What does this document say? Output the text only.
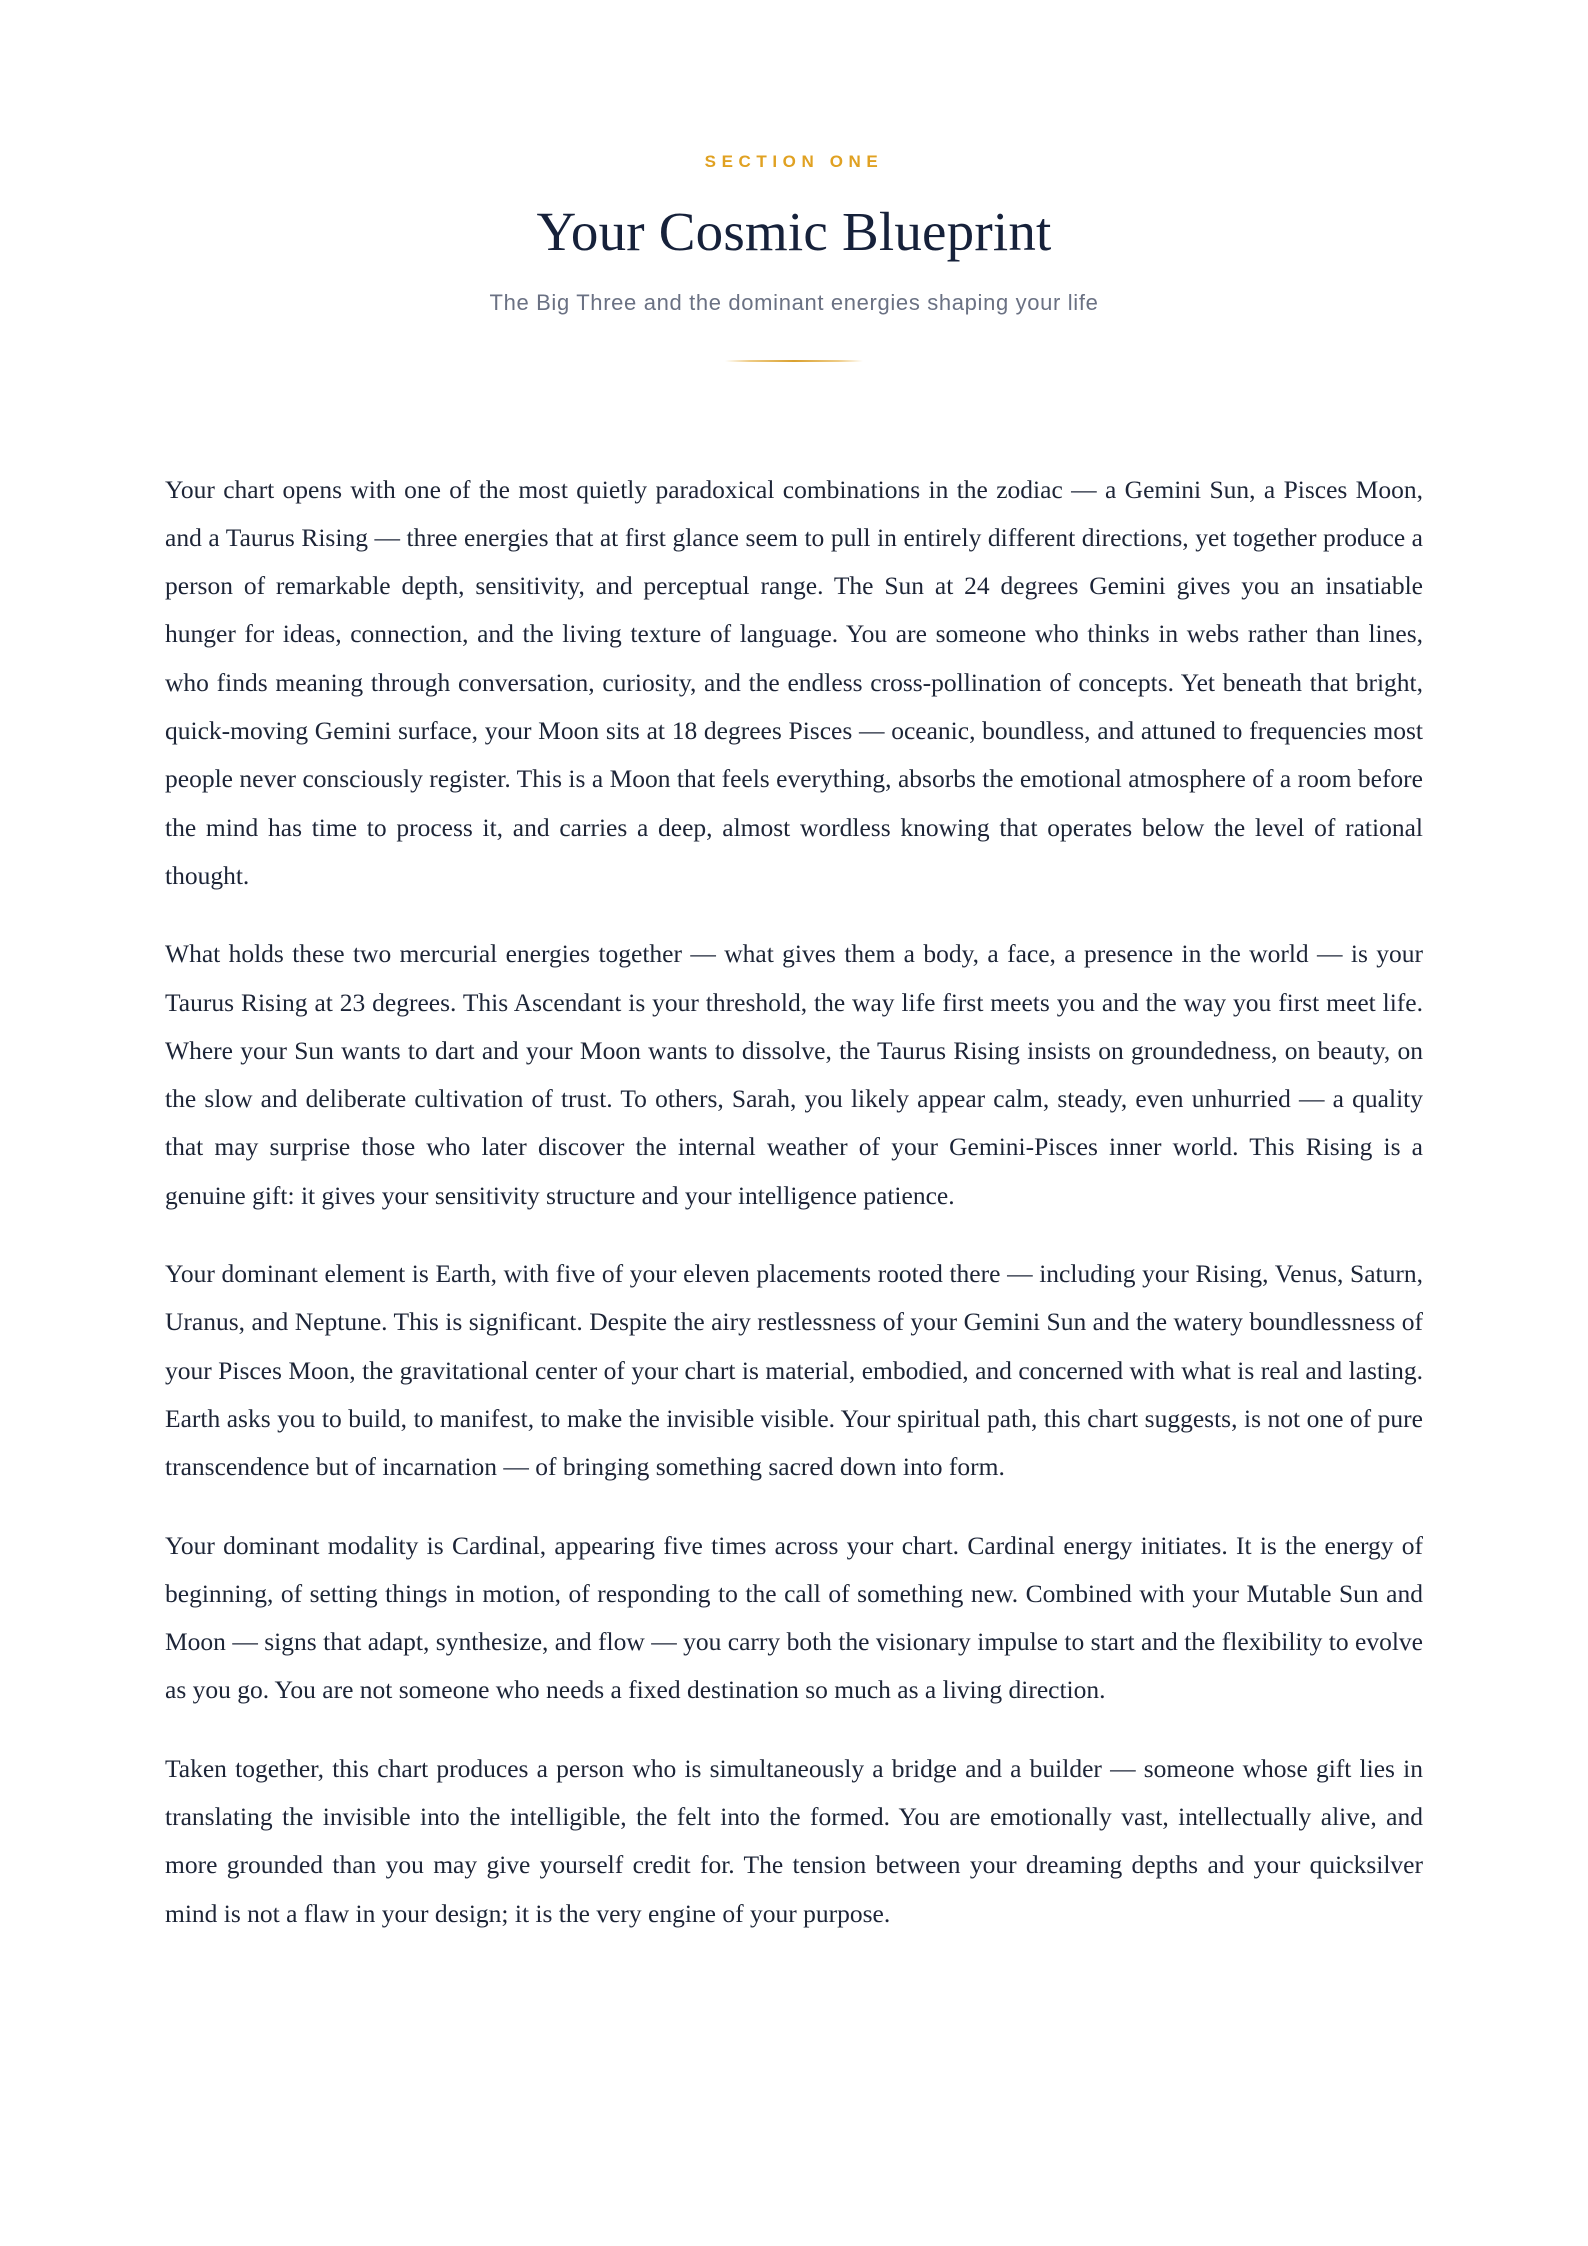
SECTION ONE
Your Cosmic Blueprint

The Big Three and the dominant energies shaping your life

Your chart opens with one of the most quietly paradoxical combinations in the zodiac — a Gemini Sun, a Pisces Moon, and a Taurus Rising — three energies that at first glance seem to pull in entirely different directions, yet together produce a person of remarkable depth, sensitivity, and perceptual range. The Sun at 24 degrees Gemini gives you an insatiable hunger for ideas, connection, and the living texture of language. You are someone who thinks in webs rather than lines, who finds meaning through conversation, curiosity, and the endless cross-pollination of concepts. Yet beneath that bright, quick-moving Gemini surface, your Moon sits at 18 degrees Pisces — oceanic, boundless, and attuned to frequencies most people never consciously register. This is a Moon that feels everything, absorbs the emotional atmosphere of a room before the mind has time to process it, and carries a deep, almost wordless knowing that operates below the level of rational thought.

What holds these two mercurial energies together — what gives them a body, a face, a presence in the world — is your Taurus Rising at 23 degrees. This Ascendant is your threshold, the way life first meets you and the way you first meet life. Where your Sun wants to dart and your Moon wants to dissolve, the Taurus Rising insists on groundedness, on beauty, on the slow and deliberate cultivation of trust. To others, Sarah, you likely appear calm, steady, even unhurried — a quality that may surprise those who later discover the internal weather of your Gemini-Pisces inner world. This Rising is a genuine gift: it gives your sensitivity structure and your intelligence patience.

Your dominant element is Earth, with five of your eleven placements rooted there — including your Rising, Venus, Saturn, Uranus, and Neptune. This is significant. Despite the airy restlessness of your Gemini Sun and the watery boundlessness of your Pisces Moon, the gravitational center of your chart is material, embodied, and concerned with what is real and lasting. Earth asks you to build, to manifest, to make the invisible visible. Your spiritual path, this chart suggests, is not one of pure transcendence but of incarnation — of bringing something sacred down into form.

Your dominant modality is Cardinal, appearing five times across your chart. Cardinal energy initiates. It is the energy of beginning, of setting things in motion, of responding to the call of something new. Combined with your Mutable Sun and Moon — signs that adapt, synthesize, and flow — you carry both the visionary impulse to start and the flexibility to evolve as you go. You are not someone who needs a fixed destination so much as a living direction.

Taken together, this chart produces a person who is simultaneously a bridge and a builder — someone whose gift lies in translating the invisible into the intelligible, the felt into the formed. You are emotionally vast, intellectually alive, and more grounded than you may give yourself credit for. The tension between your dreaming depths and your quicksilver mind is not a flaw in your design; it is the very engine of your purpose.
